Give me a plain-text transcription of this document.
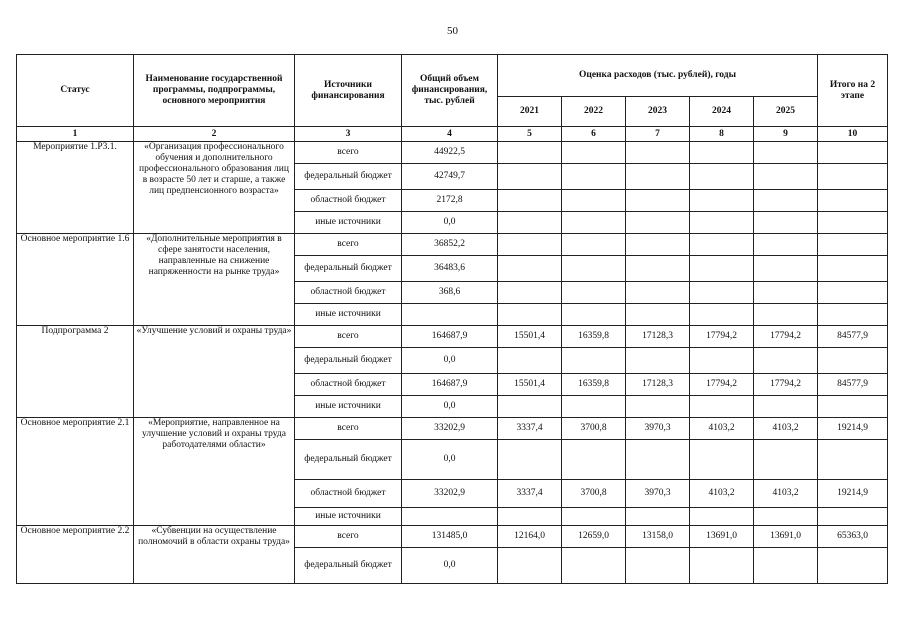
50
Статус	Наименование государственной программы, подпрограммы, основного мероприятия	Источники финансирования	Общий объем финансирования, тыс. рублей	Оценка расходов (тыс. рублей), годы					Итого на 2 этапе
				2021	2022	2023	2024	2025	
1	2	3	4	5	6	7	8	9	10
Мероприятие 1.Р3.1.	«Организация профессионального обучения и дополнительного профессионального образования лиц в возрасте 50 лет и старше, а также лиц предпенсионного возраста»	всего	44922,5						
		федеральный бюджет	42749,7						
		областной бюджет	2172,8						
		иные источники	0,0						
Основное мероприятие 1.6	«Дополнительные мероприятия в сфере занятости населения, направленные на снижение напряженности на рынке труда»	всего	36852,2						
		федеральный бюджет	36483,6						
		областной бюджет	368,6						
		иные источники							
Подпрограмма 2	«Улучшение условий и охраны труда»	всего	164687,9	15501,4	16359,8	17128,3	17794,2	17794,2	84577,9
		федеральный бюджет	0,0						
		областной бюджет	164687,9	15501,4	16359,8	17128,3	17794,2	17794,2	84577,9
		иные источники	0,0						
Основное мероприятие 2.1	«Мероприятие, направленное на улучшение условий и охраны труда работодателями области»	всего	33202,9	3337,4	3700,8	3970,3	4103,2	4103,2	19214,9
		федеральный бюджет	0,0						
		областной бюджет	33202,9	3337,4	3700,8	3970,3	4103,2	4103,2	19214,9
		иные источники							
Основное мероприятие 2.2	«Субвенции на осуществление полномочий в области охраны труда»	всего	131485,0	12164,0	12659,0	13158,0	13691,0	13691,0	65363,0
		федеральный бюджет	0,0						
